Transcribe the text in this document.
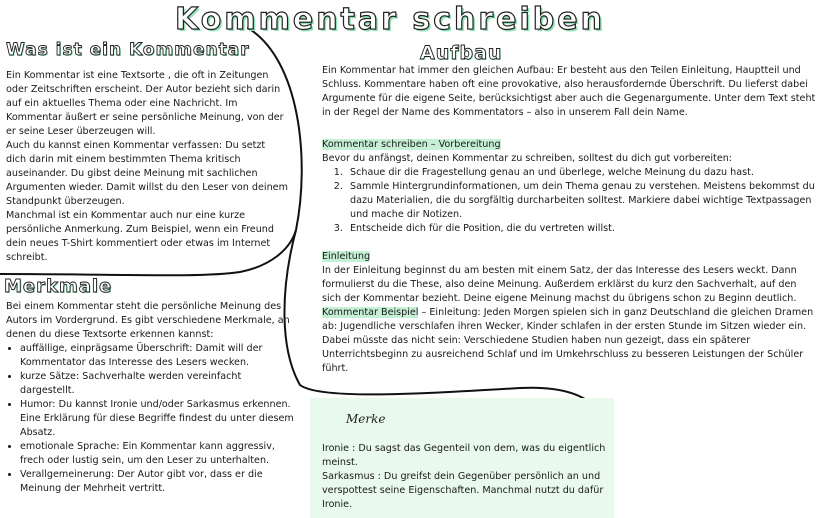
Kommentar schreiben
Was ist ein Kommentar

Ein Kommentar ist eine Textsorte , die oft in Zeitungen oder Zeitschriften erscheint. Der Autor bezieht sich darin auf ein aktuelles Thema oder eine Nachricht. Im Kommentar äußert er seine persönliche Meinung, von der er seine Leser überzeugen will.

Auch du kannst einen Kommentar verfassen: Du setzt dich darin mit einem bestimmten Thema kritisch auseinander. Du gibst deine Meinung mit sachlichen Argumenten wieder. Damit willst du den Leser von deinem Standpunkt überzeugen.

Manchmal ist ein Kommentar auch nur eine kurze persönliche Anmerkung. Zum Beispiel, wenn ein Freund dein neues T-Shirt kommentiert oder etwas im Internet schreibt.

Merkmale

Bei einem Kommentar steht die persönliche Meinung des Autors im Vordergrund. Es gibt verschiedene Merkmale, an denen du diese Textsorte erkennen kannst:

• auffällige, einprägsame Überschrift: Damit will der Kommentator das Interesse des Lesers wecken.
• kurze Sätze: Sachverhalte werden vereinfacht dargestellt.
• Humor: Du kannst Ironie und/oder Sarkasmus erkennen. Eine Erklärung für diese Begriffe findest du unter diesem Absatz.
• emotionale Sprache: Ein Kommentar kann aggressiv, frech oder lustig sein, um den Leser zu unterhalten.
• Verallgemeinerung: Der Autor gibt vor, dass er die Meinung der Mehrheit vertritt.
Aufbau

Ein Kommentar hat immer den gleichen Aufbau: Er besteht aus den Teilen Einleitung, Hauptteil und Schluss. Kommentare haben oft eine provokative, also herausfordernde Überschrift. Du lieferst dabei Argumente für die eigene Seite, berücksichtigst aber auch die Gegenargumente. Unter dem Text steht in der Regel der Name des Kommentators – also in unserem Fall dein Name.

Kommentar schreiben – Vorbereitung

Bevor du anfängst, deinen Kommentar zu schreiben, solltest du dich gut vorbereiten:

1. Schaue dir die Fragestellung genau an und überlege, welche Meinung du dazu hast.
2. Sammle Hintergrundinformationen, um dein Thema genau zu verstehen. Meistens bekommst du dazu Materialien, die du sorgfältig durcharbeiten solltest. Markiere dabei wichtige Textpassagen und mache dir Notizen.
3. Entscheide dich für die Position, die du vertreten willst.

Einleitung

In der Einleitung beginnst du am besten mit einem Satz, der das Interesse des Lesers weckt. Dann formulierst du die These, also deine Meinung. Außerdem erklärst du kurz den Sachverhalt, auf den sich der Kommentar bezieht. Deine eigene Meinung machst du übrigens schon zu Beginn deutlich.

Kommentar Beispiel – Einleitung: Jeden Morgen spielen sich in ganz Deutschland die gleichen Dramen ab: Jugendliche verschlafen ihren Wecker, Kinder schlafen in der ersten Stunde im Sitzen wieder ein. Dabei müsste das nicht sein: Verschiedene Studien haben nun gezeigt, dass ein späterer Unterrichtsbeginn zu ausreichend Schlaf und im Umkehrschluss zu besseren Leistungen der Schüler führt.

Merke

Ironie : Du sagst das Gegenteil von dem, was du eigentlich meinst.

Sarkasmus : Du greifst dein Gegenüber persönlich an und verspottest seine Eigenschaften. Manchmal nutzt du dafür Ironie.
